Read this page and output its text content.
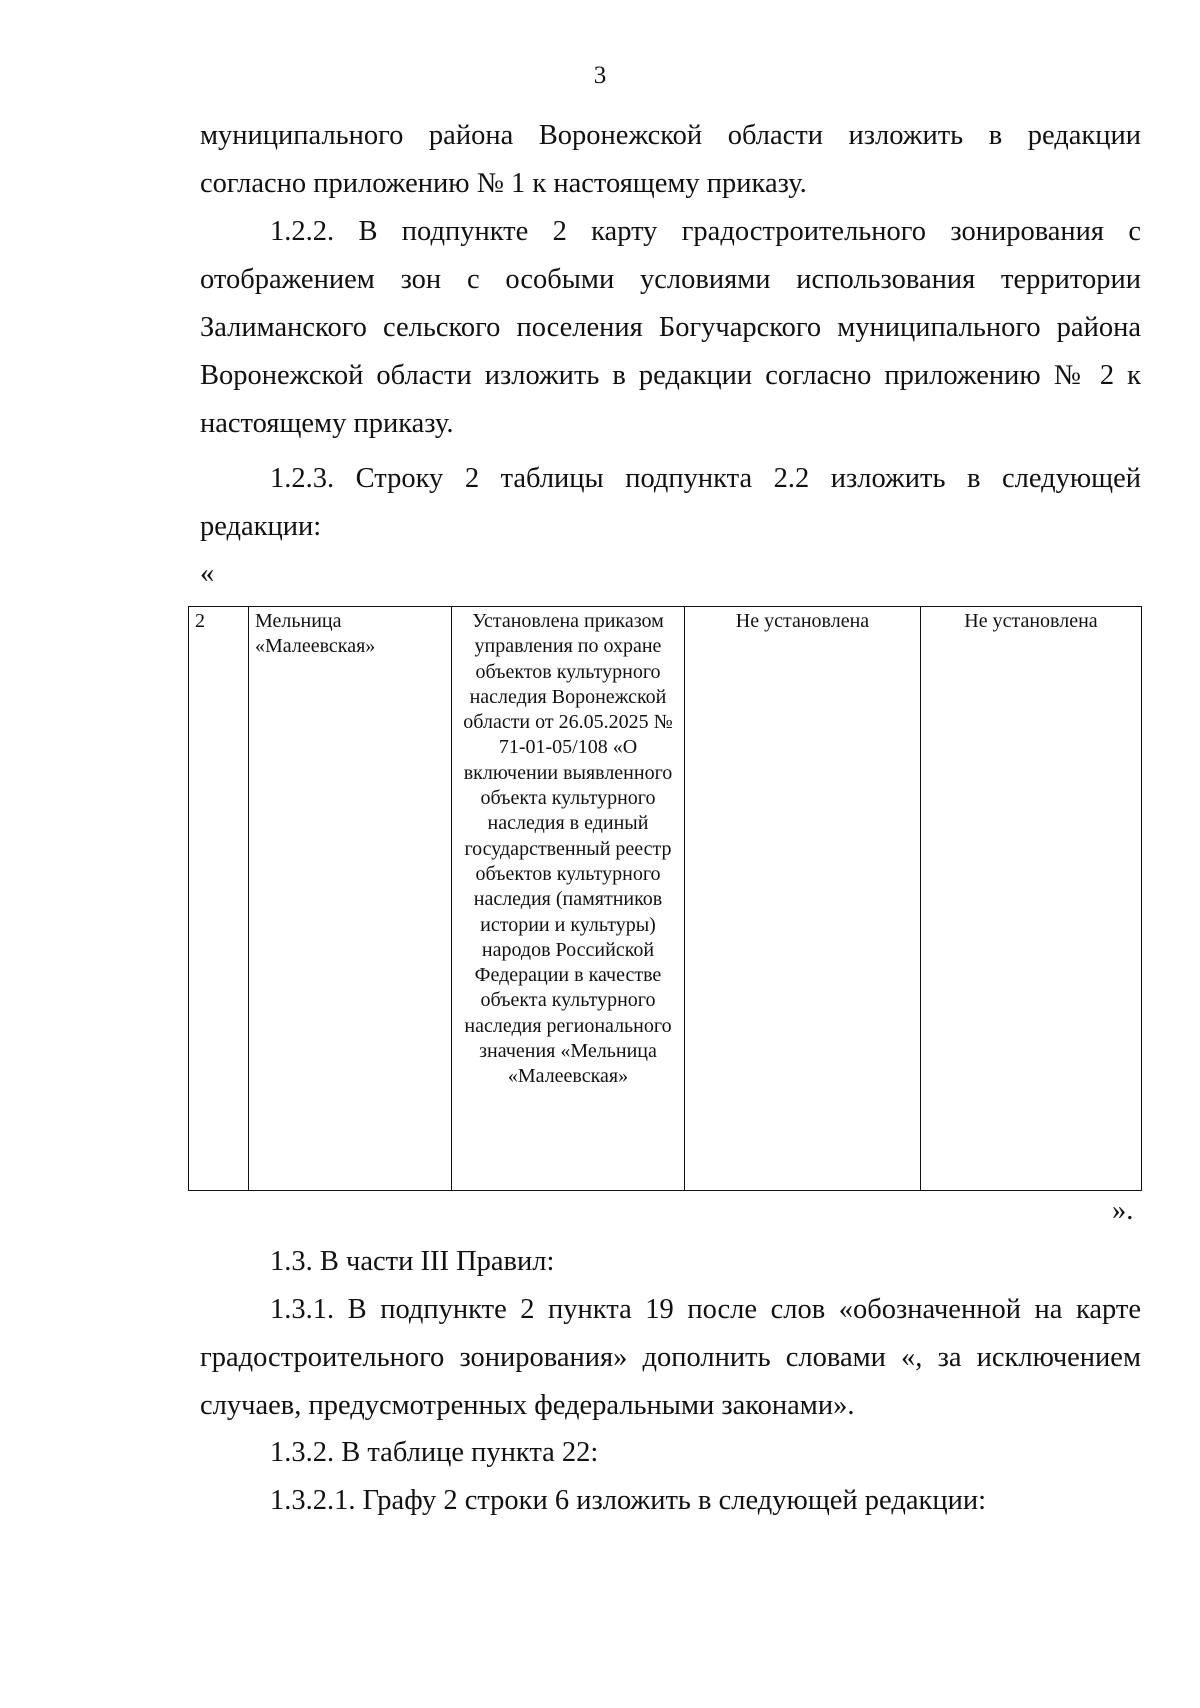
3

муниципального района Воронежской области изложить в редакции согласно приложению № 1 к настоящему приказу.

1.2.2. В подпункте 2 карту градостроительного зонирования с отображением зон с особыми условиями использования территории Залиманского сельского поселения Богучарского муниципального района Воронежской области изложить в редакции согласно приложению № 2 к настоящему приказу.

1.2.3. Строку 2 таблицы подпункта 2.2 изложить в следующей редакции:

«
2	Мельница «Малеевская»	Установлена приказом управления по охране объектов культурного наследия Воронежской области от 26.05.2025 № 71-01-05/108 «О включении выявленного объекта культурного наследия в единый государственный реестр объектов культурного наследия (памятников истории и культуры) народов Российской Федерации в качестве объекта культурного наследия регионального значения «Мельница «Малеевская»	Не установлена	Не установлена
».

1.3. В части III Правил:

1.3.1. В подпункте 2 пункта 19 после слов «обозначенной на карте градостроительного зонирования» дополнить словами «, за исключением случаев, предусмотренных федеральными законами».

1.3.2. В таблице пункта 22:

1.3.2.1. Графу 2 строки 6 изложить в следующей редакции:
